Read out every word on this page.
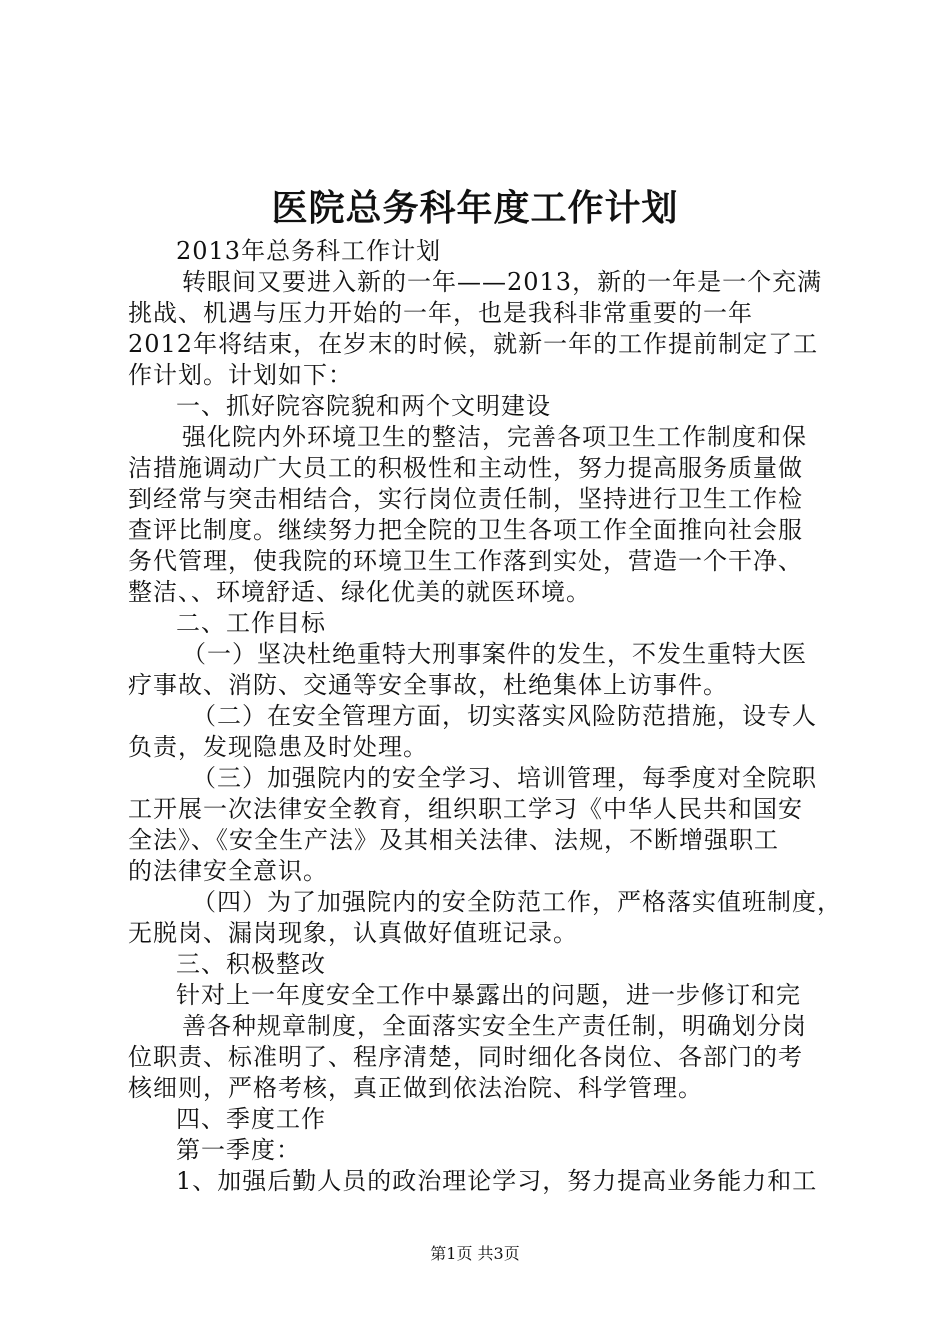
医院总务科年度工作计划
2013年总务科工作计划
转眼间又要进入新的一年——2013，新的一年是一个充满
挑战、机遇与压力开始的一年，也是我科非常重要的一年
2012年将结束，在岁末的时候，就新一年的工作提前制定了工
作计划。计划如下：
一、抓好院容院貌和两个文明建设
强化院内外环境卫生的整洁，完善各项卫生工作制度和保
洁措施调动广大员工的积极性和主动性，努力提高服务质量做
到经常与突击相结合，实行岗位责任制，坚持进行卫生工作检
查评比制度。继续努力把全院的卫生各项工作全面推向社会服
务代管理，使我院的环境卫生工作落到实处，营造一个干净、
整洁、、环境舒适、绿化优美的就医环境。
二、工作目标
（一）坚决杜绝重特大刑事案件的发生，不发生重特大医
疗事故、消防、交通等安全事故，杜绝集体上访事件。
（二）在安全管理方面，切实落实风险防范措施，设专人
负责，发现隐患及时处理。
（三）加强院内的安全学习、培训管理，每季度对全院职
工开展一次法律安全教育，组织职工学习《中华人民共和国安
全法》、《安全生产法》及其相关法律、法规，不断增强职工
的法律安全意识。
（四）为了加强院内的安全防范工作，严格落实值班制度，
无脱岗、漏岗现象，认真做好值班记录。
三、积极整改
针对上一年度安全工作中暴露出的问题，进一步修订和完
善各种规章制度，全面落实安全生产责任制，明确划分岗
位职责、标准明了、程序清楚，同时细化各岗位、各部门的考
核细则，严格考核，真正做到依法治院、科学管理。
四、季度工作
第一季度：
1、加强后勤人员的政治理论学习，努力提高业务能力和工
第1页 共3页
